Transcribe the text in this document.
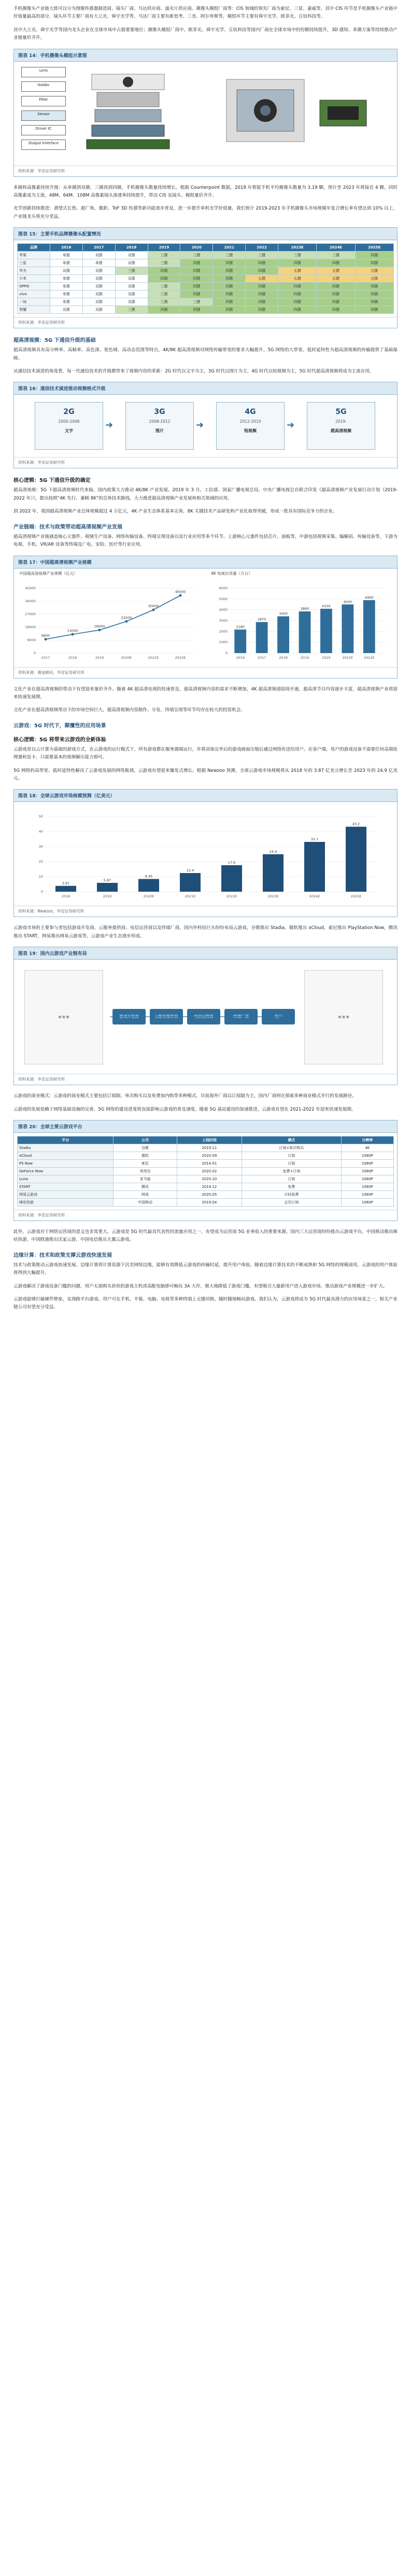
手机摄像头产业链大致可以分为图像传感器制造商、镜头厂商、马达供应商、滤光片供应商、摄像头模组厂商等：CIS 领域的领先厂商为索尼、三星、豪威等，其中 CIS 环节是手机摄像头产业链中价值量最高的部分，镜头环节主要厂商有大立光、舜宇光学等，马达厂商主要有新思考、三美、阿尔卑斯等，模组环节主要有舜宇光学、欧菲光、丘钛科技等。

其中大立光、舜宇光学等国内龙头企业在全球市场中占据重要地位；摄像头模组厂商中，欧菲光、舜宇光学、丘钛科技等国内厂商在全球市场中的份额持续提升，3D 感知、多摄方案等持续推动产业链量价齐升。

图表 14：手机摄像头模组示意图
Lens
Holder
Filter
Sensor
Driver IC
Output Interface
资料来源：华安证券研究所

多摄和高像素持续升级：从单摄到双摄、三摄再到四摄，手机摄像头数量持续增长。根据 Counterpoint 数据，2019 年智能手机平均摄像头数量为 3.19 颗，预计至 2023 年将接近 4 颗。同时高像素成为主流，48M、64M、108M 高像素镜头渗透率持续提升，带动 CIS 及镜头、模组量价齐升。

光学创新持续推进：潜望式长焦、超广角、微距、ToF 3D 传感等新功能逐步普及，进一步提升单机光学价值量。我们预计 2019-2023 年手机摄像头市场规模年复合增长率有望达到 10% 以上，产业链龙头将充分受益。

图表 15：主要手机品牌摄像头配置情况
品牌	2016	2017	2018	2019	2020	2021	2022	2023E	2024E	2025E
苹果	单摄	双摄	双摄	三摄	三摄	三摄	三摄	三摄	三摄	四摄
三星	单摄	单摄	双摄	三摄	四摄	四摄	四摄	四摄	四摄	四摄
华为	双摄	双摄	三摄	四摄	四摄	四摄	四摄	五摄	五摄	五摄
小米	单摄	双摄	双摄	四摄	四摄	四摄	五摄	五摄	五摄	五摄
OPPO	单摄	双摄	双摄	三摄	四摄	四摄	四摄	四摄	四摄	四摄
vivo	单摄	双摄	双摄	三摄	四摄	四摄	四摄	四摄	四摄	四摄
一加	单摄	双摄	双摄	三摄	三摄	四摄	四摄	四摄	四摄	四摄
荣耀	双摄	双摄	三摄	四摄	四摄	四摄	四摄	四摄	四摄	四摄
资料来源：华安证券研究所
超高清视频：5G 下通信升级的基础

超高清视频具有高分辨率、高帧率、高色深、宽色域、高动态范围等特点，4K/8K 超高清视频对网络传输带宽的要求大幅提升，5G 网络的大带宽、低时延特性为超高清视频的传输提供了基础保障。

从通信技术演进的角度看，每一代通信技术的升级都带来了视频内容的革新：2G 时代以文字为主，3G 时代以图片为主，4G 时代以短视频为主，5G 时代超高清视频将成为主流应用。

图表 16：通信技术演进推动视频格式升级
2G
2000-2008
文字
➜
3G
2008-2012
图片
➜
4G
2012-2019
短视频
➜
5G
2019-
超高清视频
资料来源：华安证券研究所
核心逻辑：5G 下通信升级的确定

超高清视频：5G 下超高清视频时代来临，国内政策大力推动 4K/8K 产业发展。2019 年 3 月，工信部、国家广播电视总局、中央广播电视总台联合印发《超高清视频产业发展行动计划（2019-2022 年）》，提出按照“4K 先行、兼顾 8K”的总体技术路线，大力推进超高清视频产业发展和相关领域的应用。

到 2022 年，我国超高清视频产业总体规模超过 4 万亿元，4K 产业生态体系基本完善，8K 关键技术产品研发和产业化取得突破，形成一批具有国际竞争力的企业。

产业链端：技术与政策带动超高清视频产业发展

超高清视频产业链涵盖核心元器件、视频生产设备、网络传输设备、终端呈现设备以及行业应用等多个环节。上游核心元器件包括芯片、面板等，中游包括视频采集、编解码、传输设备等，下游为电视、手机、VR/AR 设备等终端及广电、安防、医疗等行业应用。

图表 17：中国超高清视频产业规模
中国超高清视频产业规模（亿元）	4K 电视出货量（万台）
0
9000
18000
27000
36000
45000
9600
2017
13000
2018
16000
2019
22000
2020E
30000
2021E
40000
2022E
0
1000
2000
3000
4000
5000
6000
2180
2016
2870
2017
3400
2018
3860
2019
4100
2020
4500
2021E
4900
2022E
资料来源：赛迪顾问，华安证券研究所

文化产业在超高清视频的带动下有望迎来量价齐升。随着 4K 超高清电视的快速普及，超高清视频内容的需求不断增加，4K 超高清频道陆续开通，超高清节目内容逐步丰富，超高清视频产业将迎来快速发展期。

文化产业在超高清视频带动下的市场空间巨大，超高清视频内容制作、分发、终端呈现等环节均存在较大的投资机会。

云游戏：5G 时代下，颠覆性的应用场景
核心逻辑：5G 将带来云游戏的全新体验

云游戏是以云计算为基础的游戏方式，在云游戏的运行模式下，所有游戏都在服务器端运行，并将渲染完毕后的游戏画面压缩后通过网络传送给用户。在客户端，用户的游戏设备不需要任何高端处理器和显卡，只需要基本的视频解压能力即可。

5G 网络的高带宽、低时延特性解决了云游戏发展的网络瓶颈，云游戏有望迎来爆发式增长。根据 Newzoo 预测，全球云游戏市场规模将从 2018 年的 3.87 亿美元增长至 2023 年的 24.9 亿美元。

图表 18：全球云游戏市场规模预测（亿美元）
0
10
20
30
40
50
3.87
2018
5.87
2019
8.45
2020E
12.4
2021E
17.6
2022E
24.9
2023E
33.1
2024E
43.2
2025E
资料来源：Newzoo，华安证券研究所

云游戏市场的主要参与者包括游戏开发商、云服务提供商、电信运营商以及终端厂商。国内外科技巨头纷纷布局云游戏，谷歌推出 Stadia，微软推出 xCloud，索尼推出 PlayStation Now，腾讯推出 START，网易推出网易云游戏等，云游戏产业生态逐步形成。

图表 19：国内云游戏产业链布局
▦ ▦ ▦	▦ ▦ ▦
游戏开发商	云服务提供商	电信运营商	终端厂商	用户
资料来源：华安证券研究所

云游戏的商业模式：云游戏的商业模式主要包括订阅制、单次购买以及免费加内购等多种模式。目前海外厂商以订阅制为主，国内厂商则在探索多种商业模式并行的发展路径。

云游戏的发展依赖于网络基础设施的完善，5G 网络的建设进度将直接影响云游戏的普及速度。随着 5G 基站建设的加速推进，云游戏有望在 2021-2022 年迎来快速发展期。

图表 20：全球主要云游戏平台
平台	公司	上线时间	模式	分辨率
Stadia	谷歌	2019.11	订阅+单次购买	4K
xCloud	微软	2020.09	订阅	1080P
PS Now	索尼	2014.01	订阅	1080P
GeForce Now	英伟达	2020.02	免费+订阅	1080P
Luna	亚马逊	2020.10	订阅	1080P
START	腾讯	2019.12	免费	1080P
网易云游戏	网易	2020.05	计时收费	1080P
咪咕快游	中国移动	2019.04	会员订阅	1080P
资料来源：华安证券研究所

此外，云游戏对于网络运营商的意义也非常重大。云游戏是 5G 时代最具代表性的流量应用之一，有望成为运营商 5G 业务收入的重要来源。国内三大运营商纷纷推出云游戏平台，中国移动推出咪咕快游，中国联通推出沃家云游，中国电信推出天翼云游戏。

边缘计算：技术和政策支撑云游戏快速发展

技术与政策推动云游戏快速发展。边缘计算将计算资源下沉至网络边缘，能够有效降低云游戏的传输时延，提升用户体验。随着边缘计算技术的不断成熟和 5G 网络的规模商用，云游戏的用户体验将得到大幅提升。

云游戏解决了游戏设备门槛的问题，用户无需购买昂贵的游戏主机或高配电脑即可畅玩 3A 大作，极大地降低了游戏门槛，有望吸引大量新用户进入游戏市场，推动游戏产业规模进一步扩大。

云游戏能够打破硬件壁垒，实现跨平台游戏。用户可在手机、平板、电脑、电视等多种终端上无缝切换，随时随地畅玩游戏。我们认为，云游戏将成为 5G 时代最具潜力的应用场景之一，相关产业链公司有望充分受益。
